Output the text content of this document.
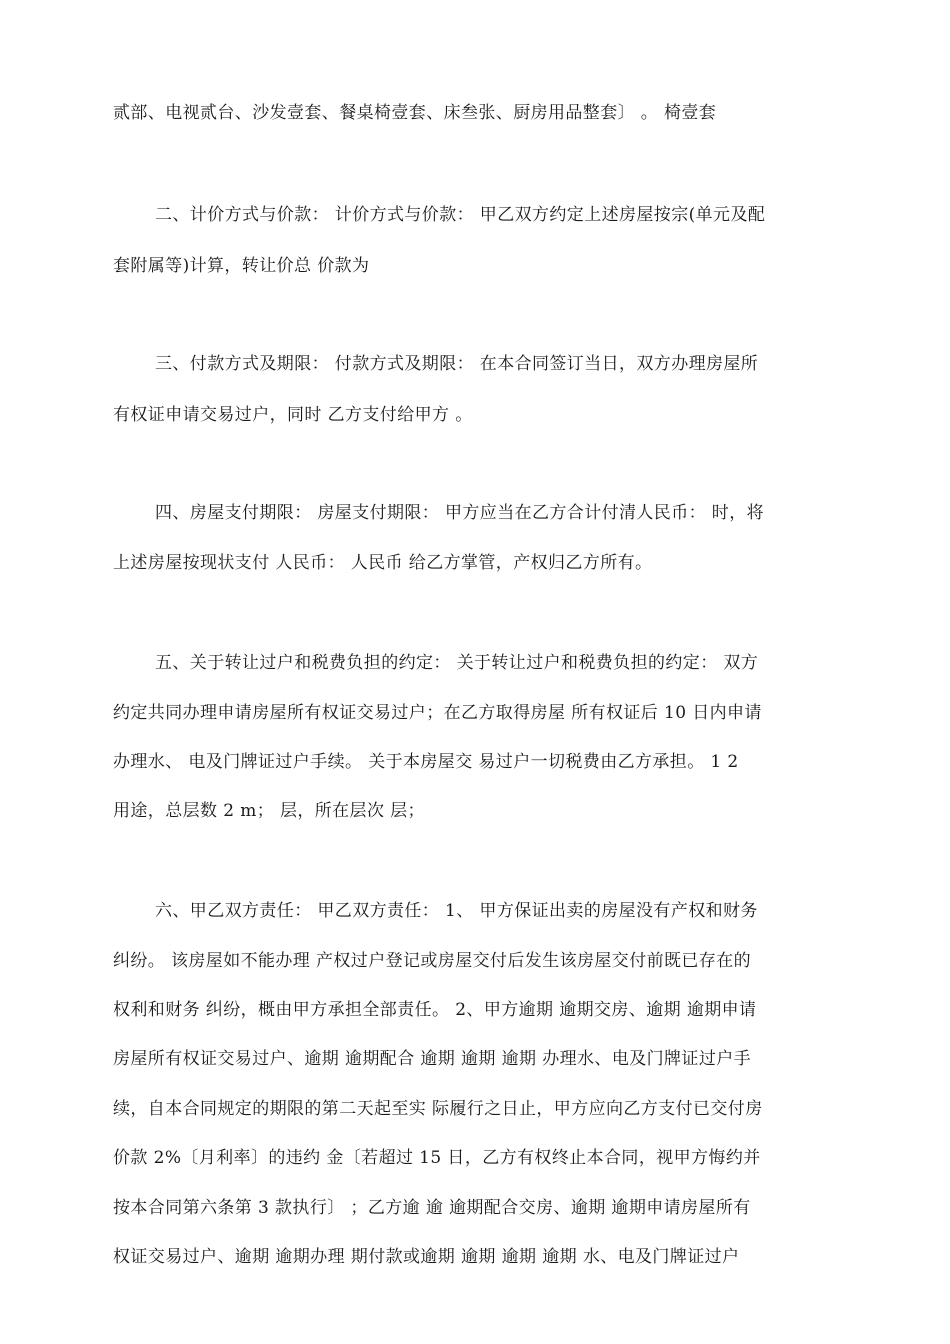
贰部、电视贰台、沙发壹套、餐桌椅壹套、床叁张、厨房用品整套〕 。 椅壹套
二、计价方式与价款： 计价方式与价款： 甲乙双方约定上述房屋按宗(单元及配
套附属等)计算，转让价总 价款为
三、付款方式及期限： 付款方式及期限： 在本合同签订当日，双方办理房屋所
有权证申请交易过户，同时 乙方支付给甲方 。
四、房屋支付期限： 房屋支付期限： 甲方应当在乙方合计付清人民币： 时，将
上述房屋按现状支付 人民币： 人民币 给乙方掌管，产权归乙方所有。
五、关于转让过户和税费负担的约定： 关于转让过户和税费负担的约定： 双方
约定共同办理申请房屋所有权证交易过户；在乙方取得房屋 所有权证后 10 日内申请
办理水、 电及门牌证过户手续。 关于本房屋交 易过户一切税费由乙方承担。 1 2
用途，总层数 2 m； 层，所在层次 层；
六、甲乙双方责任： 甲乙双方责任： 1、 甲方保证出卖的房屋没有产权和财务
纠纷。 该房屋如不能办理 产权过户登记或房屋交付后发生该房屋交付前既已存在的
权利和财务 纠纷，概由甲方承担全部责任。 2、甲方逾期 逾期交房、逾期 逾期申请
房屋所有权证交易过户、逾期 逾期配合 逾期 逾期 逾期 办理水、电及门牌证过户手
续，自本合同规定的期限的第二天起至实 际履行之日止，甲方应向乙方支付已交付房
价款 2%〔月利率〕的违约 金〔若超过 15 日，乙方有权终止本合同，视甲方悔约并
按本合同第六条第 3 款执行〕 ；乙方逾 逾 逾期配合交房、逾期 逾期申请房屋所有
权证交易过户、逾期 逾期办理 期付款或逾期 逾期 逾期 逾期 水、电及门牌证过户
